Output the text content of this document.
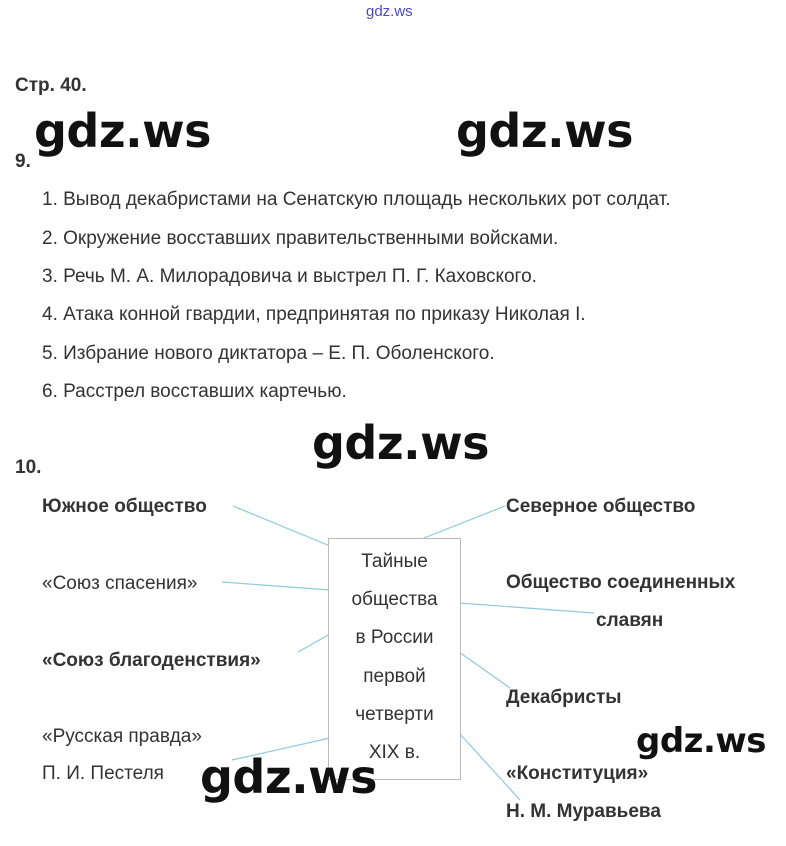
gdz.ws
Стр. 40.
gdz.ws	gdz.ws
9.
1. Вывод декабристами на Сенатскую площадь нескольких рот солдат.
2. Окружение восставших правительственными войсками.
3. Речь М. А. Милорадовича и выстрел П. Г. Каховского.
4. Атака конной гвардии, предпринятая по приказу Николая I.
5. Избрание нового диктатора – Е. П. Оболенского.
6. Расстрел восставших картечью.
gdz.ws
10.
Тайные
общества
в России
первой
четверти
XIX в.
Южное общество
«Союз спасения»
«Союз благоденствия»
«Русская правда»
П. И. Пестеля
Северное общество
Общество соединенных
славян
Декабристы
«Конституция»
Н. М. Муравьева
gdz.ws
gdz.ws
